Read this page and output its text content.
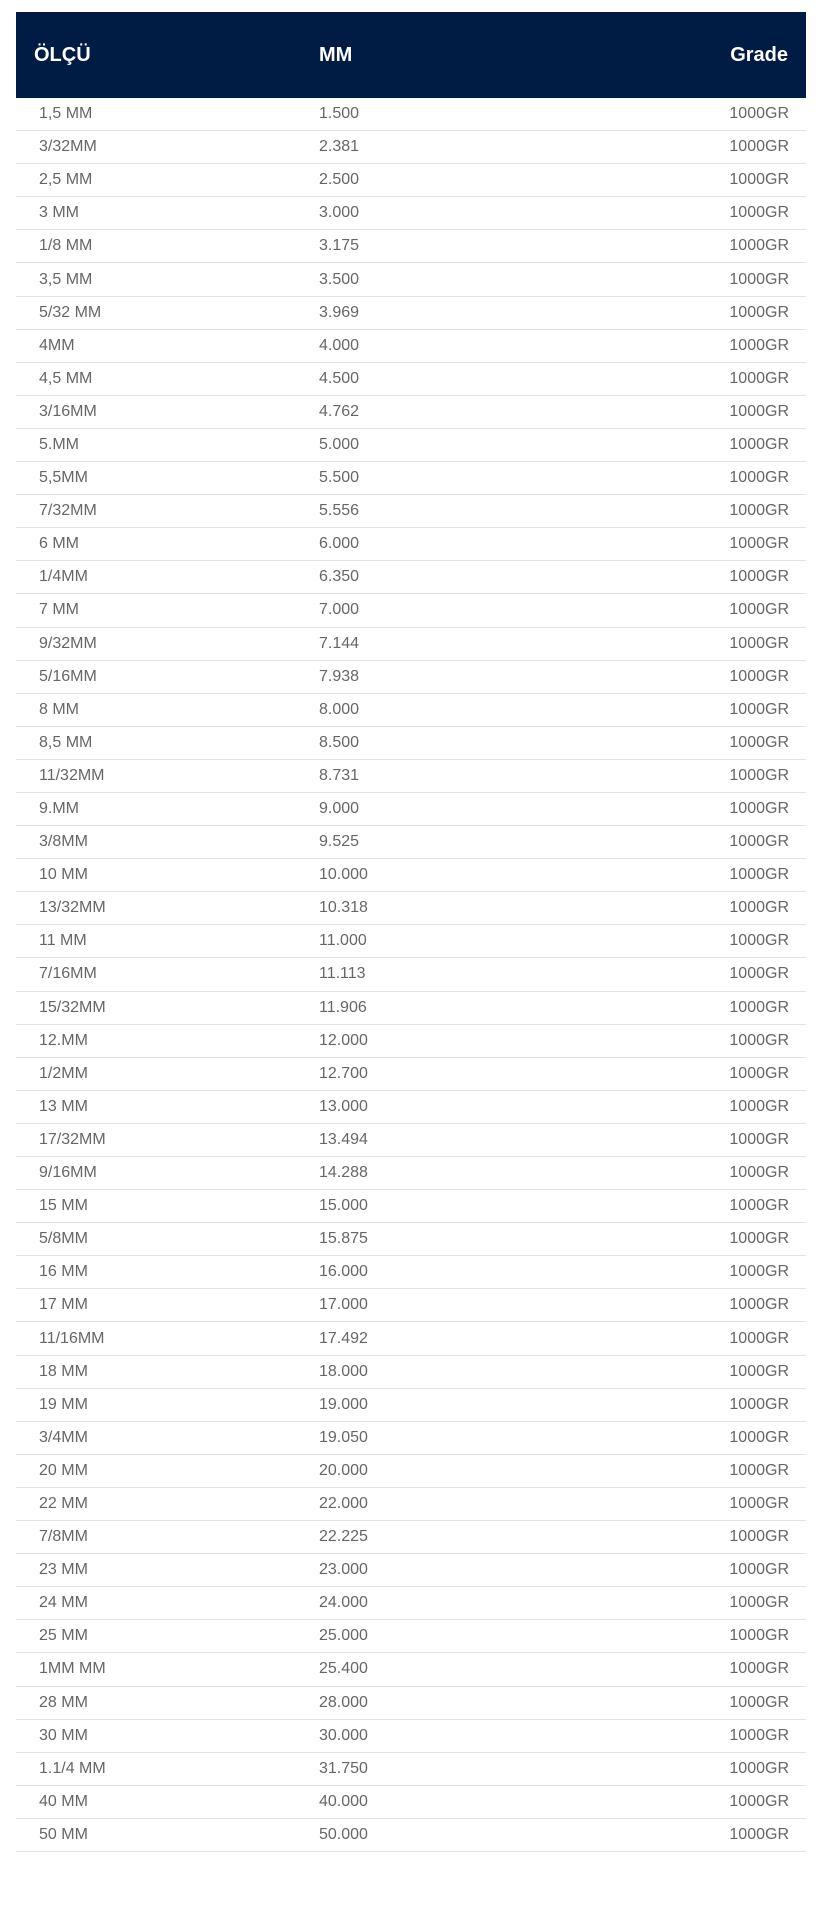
ÖLÇÜ	MM	Grade
1,5 MM	1.500	1000GR
3/32MM	2.381	1000GR
2,5 MM	2.500	1000GR
3 MM	3.000	1000GR
1/8 MM	3.175	1000GR
3,5 MM	3.500	1000GR
5/32 MM	3.969	1000GR
4MM	4.000	1000GR
4,5 MM	4.500	1000GR
3/16MM	4.762	1000GR
5.MM	5.000	1000GR
5,5MM	5.500	1000GR
7/32MM	5.556	1000GR
6 MM	6.000	1000GR
1/4MM	6.350	1000GR
7 MM	7.000	1000GR
9/32MM	7.144	1000GR
5/16MM	7.938	1000GR
8 MM	8.000	1000GR
8,5 MM	8.500	1000GR
11/32MM	8.731	1000GR
9.MM	9.000	1000GR
3/8MM	9.525	1000GR
10 MM	10.000	1000GR
13/32MM	10.318	1000GR
11 MM	11.000	1000GR
7/16MM	11.113	1000GR
15/32MM	11.906	1000GR
12.MM	12.000	1000GR
1/2MM	12.700	1000GR
13 MM	13.000	1000GR
17/32MM	13.494	1000GR
9/16MM	14.288	1000GR
15 MM	15.000	1000GR
5/8MM	15.875	1000GR
16 MM	16.000	1000GR
17 MM	17.000	1000GR
11/16MM	17.492	1000GR
18 MM	18.000	1000GR
19 MM	19.000	1000GR
3/4MM	19.050	1000GR
20 MM	20.000	1000GR
22 MM	22.000	1000GR
7/8MM	22.225	1000GR
23 MM	23.000	1000GR
24 MM	24.000	1000GR
25 MM	25.000	1000GR
1MM MM	25.400	1000GR
28 MM	28.000	1000GR
30 MM	30.000	1000GR
1.1/4 MM	31.750	1000GR
40 MM	40.000	1000GR
50 MM	50.000	1000GR
